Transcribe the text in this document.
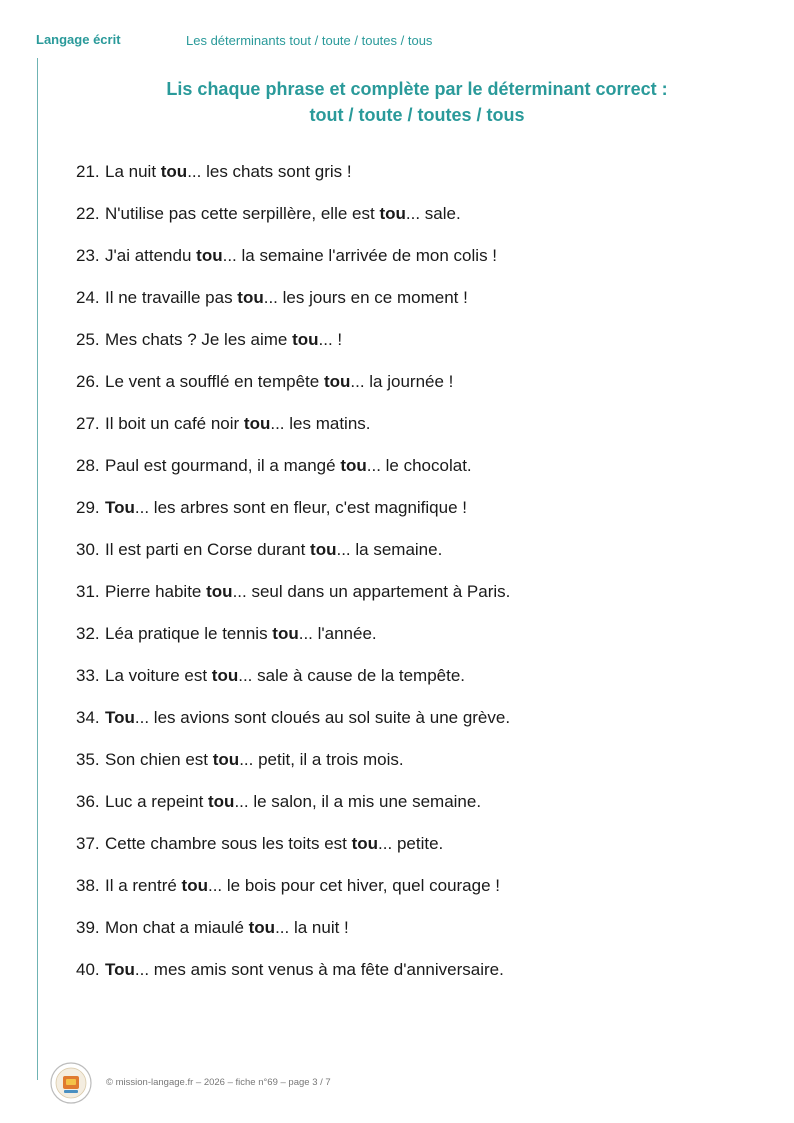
Langage écrit	Les déterminants tout / toute / toutes / tous
Lis chaque phrase et complète par le déterminant correct :
tout / toute / toutes / tous
21. La nuit tou... les chats sont gris !
22. N'utilise pas cette serpillère, elle est tou... sale.
23. J'ai attendu tou... la semaine l'arrivée de mon colis !
24. Il ne travaille pas tou... les jours en ce moment !
25. Mes chats ? Je les aime tou... !
26. Le vent a soufflé en tempête tou... la journée !
27. Il boit un café noir tou... les matins.
28. Paul est gourmand, il a mangé tou... le chocolat.
29. Tou... les arbres sont en fleur, c'est magnifique !
30. Il est parti en Corse durant tou... la semaine.
31. Pierre habite tou... seul dans un appartement à Paris.
32. Léa pratique le tennis tou... l'année.
33. La voiture est tou... sale à cause de la tempête.
34. Tou... les avions sont cloués au sol suite à une grève.
35. Son chien est tou... petit, il a trois mois.
36. Luc a repeint tou... le salon, il a mis une semaine.
37. Cette chambre sous les toits est tou... petite.
38. Il a rentré tou... le bois pour cet hiver, quel courage !
39. Mon chat a miaulé tou... la nuit !
40. Tou... mes amis sont venus à ma fête d'anniversaire.
© mission-langage.fr – 2026 – fiche n°69 – page 3 / 7
